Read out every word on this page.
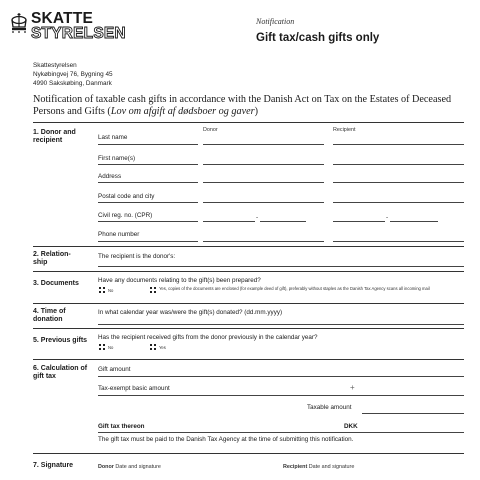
SKATTE
STYRELSEN
Notification
Gift tax/cash gifts only
Skattestyrelsen
Nykøbingvej 76, Bygning 45
4990 Sakskøbing, Danmark
Notification of taxable cash gifts in accordance with the Danish Act on Tax on the Estates of Deceased Persons and Gifts (Lov om afgift af dødsboer og gaver)
1. Donor and recipient
Donor	Recipient
Last name
First name(s)
Address
Postal code and city
Civil reg. no. (CPR)	-	-
Phone number
2. Relation-ship
The recipient is the donor's:
3. Documents	Have any documents relating to the gift(s) been prepared?
No	Yes, copies of the documents are enclosed (for example deed of gift), preferably without staples as the Danish Tax Agency scans all incoming mail
4. Time of donation
In what calendar year was/were the gift(s) donated? (dd.mm.yyyy)
5. Previous gifts Has the recipient received gifts from the donor previously in the calendar year?
No	Yes
6. Calculation of gift tax
Gift amount
Tax-exempt basic amount	+
Taxable amount
Gift tax thereon	DKK
The gift tax must be paid to the Danish Tax Agency at the time of submitting this notification.
7. Signature	Donor Date and signature	Recipient Date and signature
